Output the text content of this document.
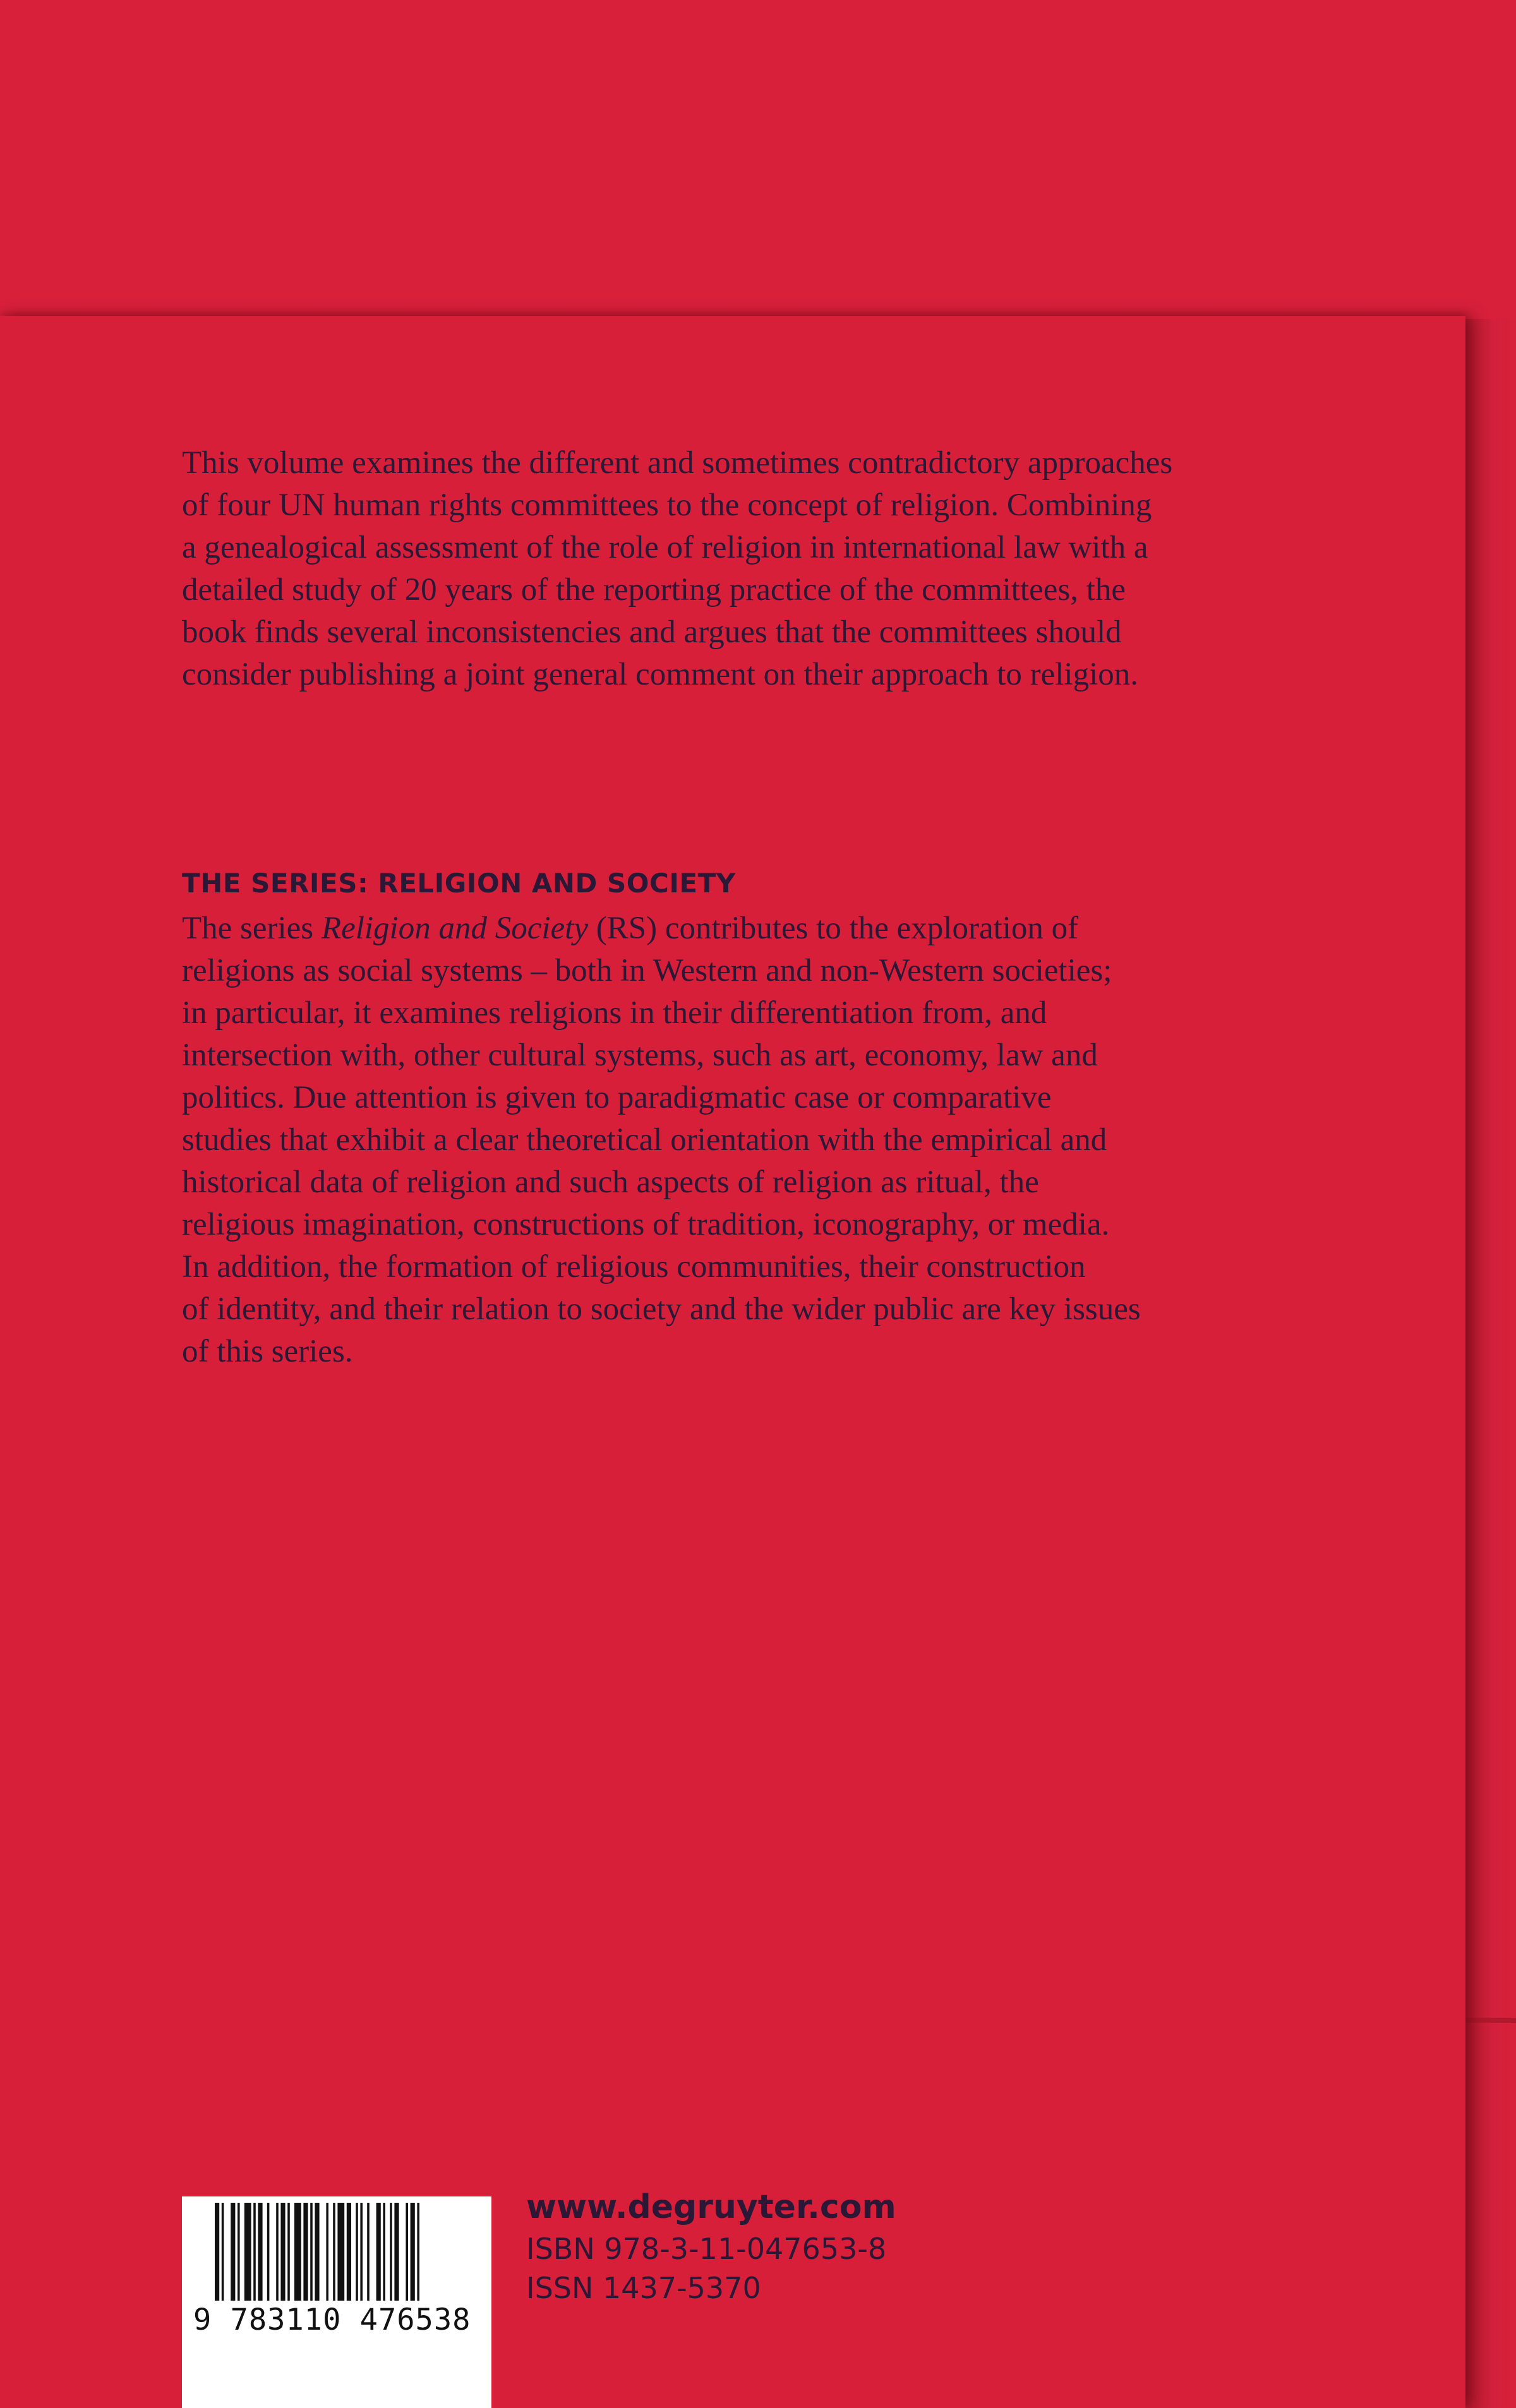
This volume examines the different and sometimes contradictory approaches
of four UN human rights committees to the concept of religion. Combining
a genealogical assessment of the role of religion in international law with a
detailed study of 20 years of the reporting practice of the committees, the
book finds several inconsistencies and argues that the committees should
consider publishing a joint general comment on their approach to religion.
THE SERIES: RELIGION AND SOCIETY
The series Religion and Society (RS) contributes to the exploration of
religions as social systems – both in Western and non-Western societies;
in particular, it examines religions in their differentiation from, and
intersection with, other cultural systems, such as art, economy, law and
politics. Due attention is given to paradigmatic case or comparative
studies that exhibit a clear theoretical orientation with the empirical and
historical data of religion and such aspects of religion as ritual, the
religious imagination, constructions of tradition, iconography, or media.
In addition, the formation of religious communities, their construction
of identity, and their relation to society and the wider public are key issues
of this series.
9 783110 476538
www.degruyter.com
ISBN 978-3-11-047653-8
ISSN 1437-5370
